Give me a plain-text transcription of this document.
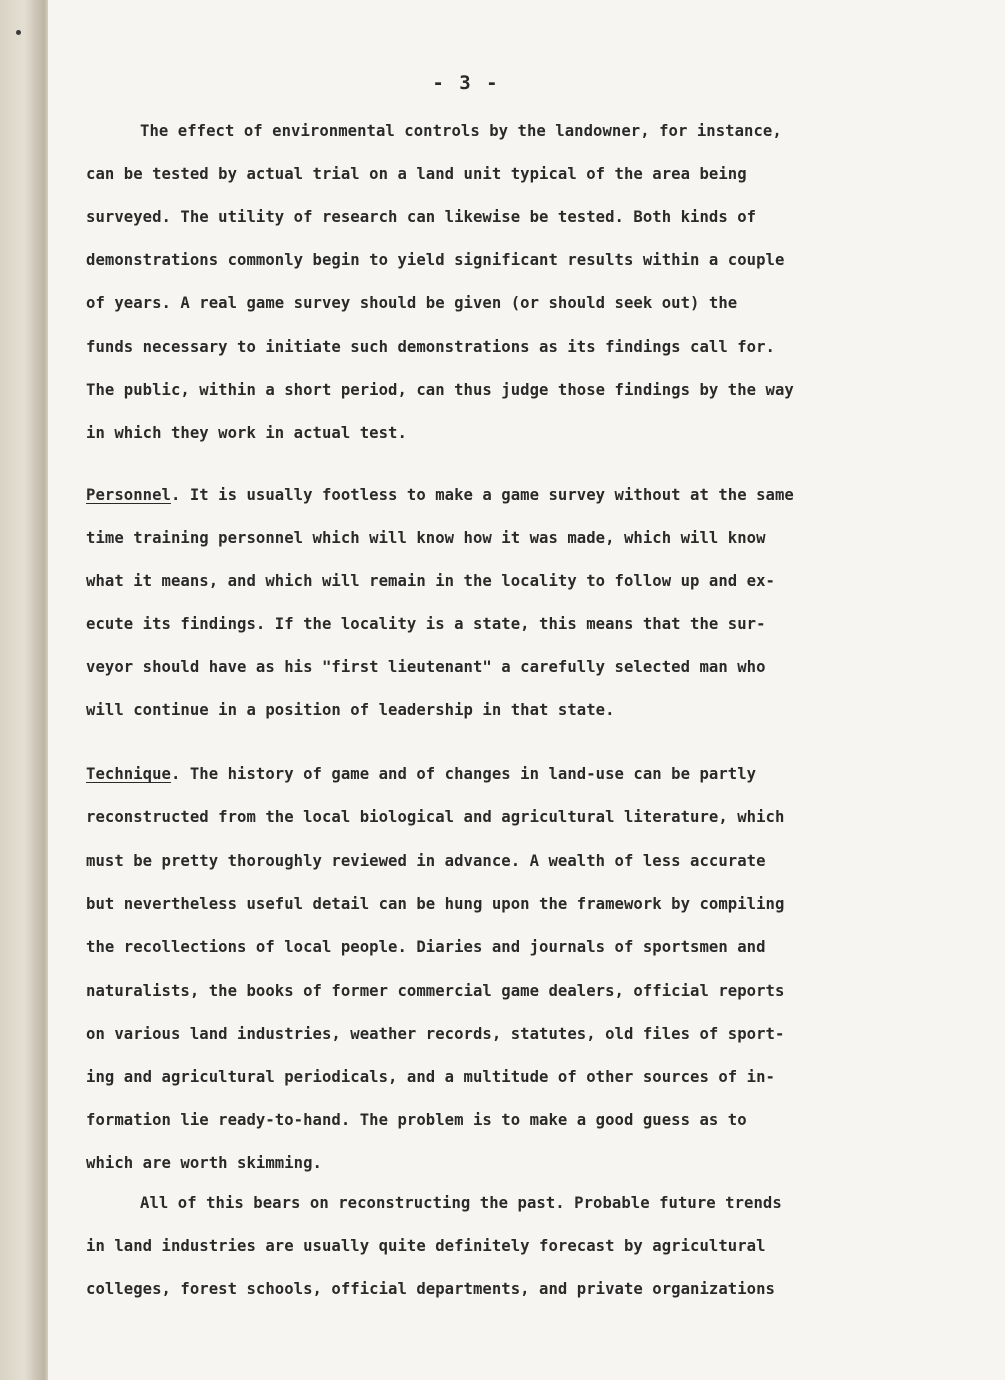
- 3 -
The effect of environmental controls by the landowner, for instance,
can be tested by actual trial on a land unit typical of the area being
surveyed. The utility of research can likewise be tested. Both kinds of
demonstrations commonly begin to yield significant results within a couple
of years. A real game survey should be given (or should seek out) the
funds necessary to initiate such demonstrations as its findings call for.
The public, within a short period, can thus judge those findings by the way
in which they work in actual test.
Personnel. It is usually footless to make a game survey without at the same
time training personnel which will know how it was made, which will know
what it means, and which will remain in the locality to follow up and ex-
ecute its findings. If the locality is a state, this means that the sur-
veyor should have as his "first lieutenant" a carefully selected man who
will continue in a position of leadership in that state.
Technique. The history of game and of changes in land-use can be partly
reconstructed from the local biological and agricultural literature, which
must be pretty thoroughly reviewed in advance. A wealth of less accurate
but nevertheless useful detail can be hung upon the framework by compiling
the recollections of local people. Diaries and journals of sportsmen and
naturalists, the books of former commercial game dealers, official reports
on various land industries, weather records, statutes, old files of sport-
ing and agricultural periodicals, and a multitude of other sources of in-
formation lie ready-to-hand. The problem is to make a good guess as to
which are worth skimming.
All of this bears on reconstructing the past. Probable future trends
in land industries are usually quite definitely forecast by agricultural
colleges, forest schools, official departments, and private organizations
